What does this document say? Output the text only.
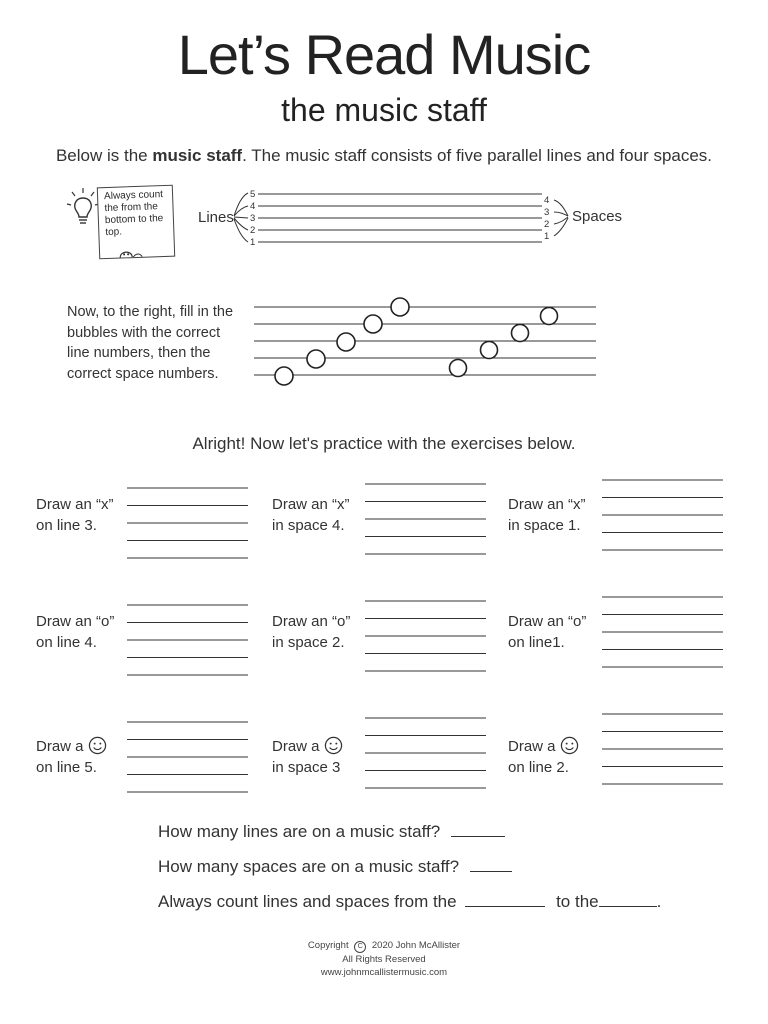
Let’s Read Music
the music staff
Below is the music staff. The music staff consists of five parallel lines and four spaces.
Always count the from the bottom to the top.
Lines
5
4
3
2
1
4
3
2
1
Spaces
Now, to the right, fill in the bubbles with the correct line numbers, then the correct space numbers.
Alright! Now let's practice with the exercises below.
Draw an “x”
on line 3.
Draw an “x”
in space 4.
Draw an “x”
in space 1.
Draw an “o”
on line 4.
Draw an “o”
in space 2.
Draw an “o”
on line1.
Draw a
on line 5.
Draw a
in space 3
Draw a
on line 2.
How many lines are on a music staff?
How many spaces are on a music staff?
Always count lines and spaces from the	to the	.
Copyright C 2020 John McAllister
All Rights Reserved
www.johnmcallistermusic.com
